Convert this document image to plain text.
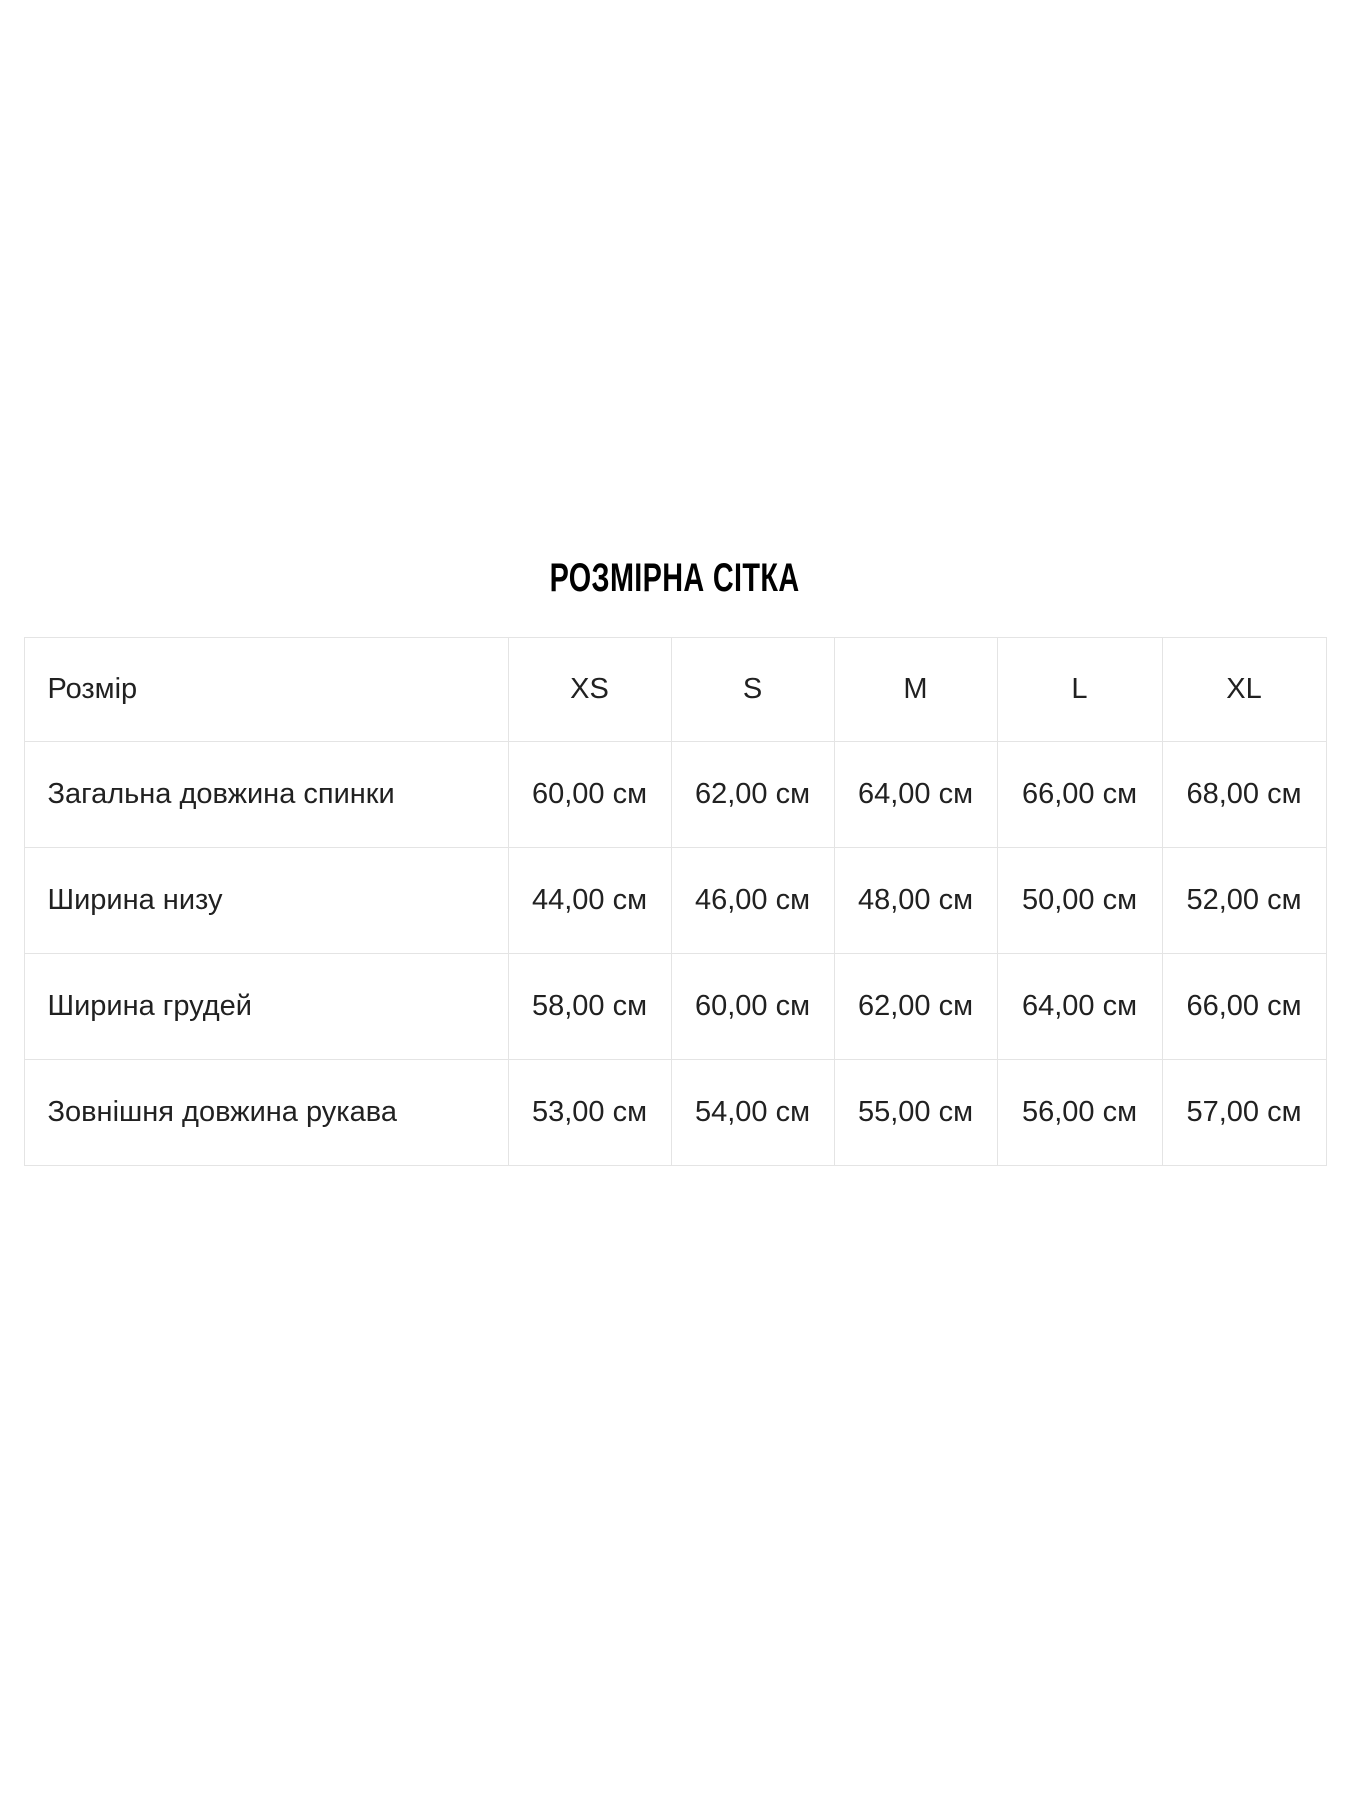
РОЗМІРНА СІТКА
Розмір	XS	S	M	L	XL
Загальна довжина спинки	60,00 см	62,00 см	64,00 см	66,00 см	68,00 см
Ширина низу	44,00 см	46,00 см	48,00 см	50,00 см	52,00 см
Ширина грудей	58,00 см	60,00 см	62,00 см	64,00 см	66,00 см
Зовнішня довжина рукава	53,00 см	54,00 см	55,00 см	56,00 см	57,00 см
